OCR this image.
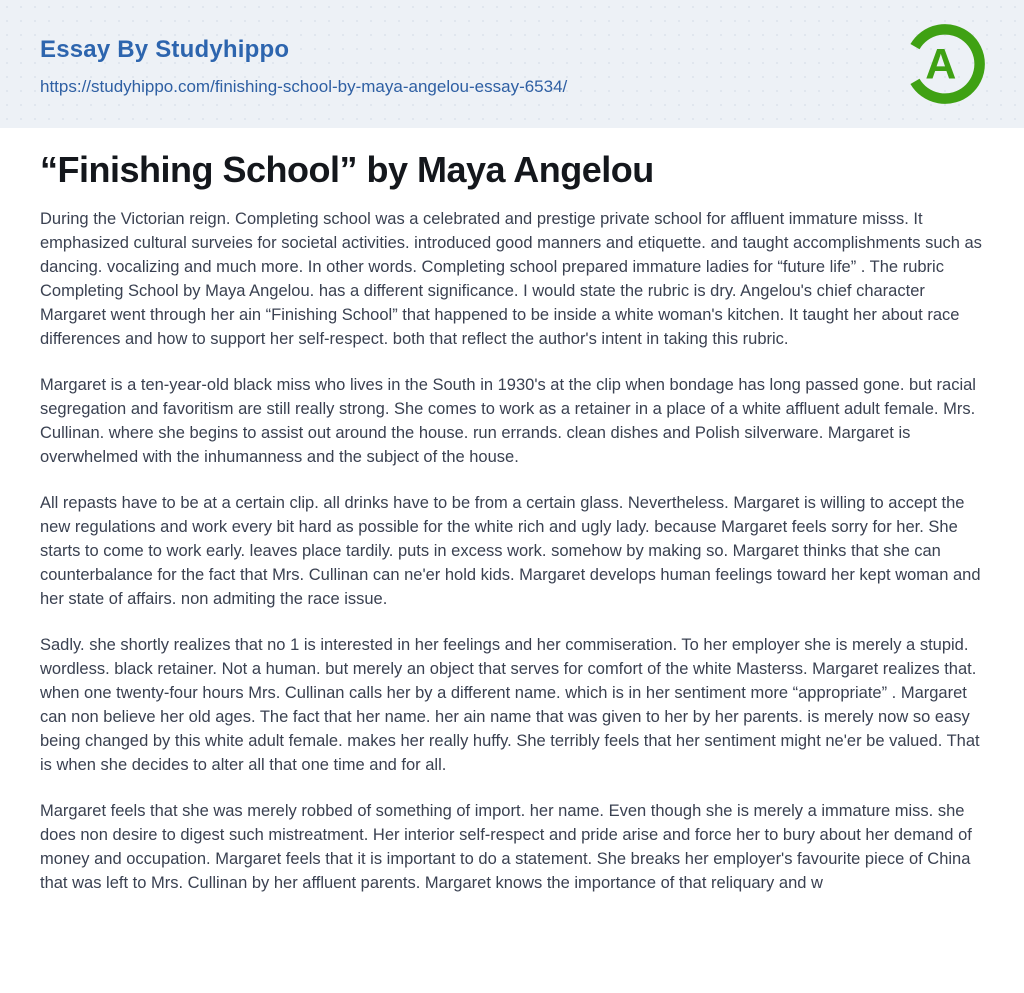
Essay By Studyhippo
https://studyhippo.com/finishing-school-by-maya-angelou-essay-6534/	A
“Finishing School” by Maya Angelou

During the Victorian reign. Completing school was a celebrated and prestige private school for affluent immature misss. It emphasized cultural surveies for societal activities. introduced good manners and etiquette. and taught accomplishments such as dancing. vocalizing and much more. In other words. Completing school prepared immature ladies for “future life” . The rubric Completing School by Maya Angelou. has a different significance. I would state the rubric is dry. Angelou's chief character Margaret went through her ain “Finishing School” that happened to be inside a white woman's kitchen. It taught her about race differences and how to support her self-respect. both that reflect the author's intent in taking this rubric.

Margaret is a ten-year-old black miss who lives in the South in 1930's at the clip when bondage has long passed gone. but racial segregation and favoritism are still really strong. She comes to work as a retainer in a place of a white affluent adult female. Mrs. Cullinan. where she begins to assist out around the house. run errands. clean dishes and Polish silverware. Margaret is overwhelmed with the inhumanness and the subject of the house.

All repasts have to be at a certain clip. all drinks have to be from a certain glass. Nevertheless. Margaret is willing to accept the new regulations and work every bit hard as possible for the white rich and ugly lady. because Margaret feels sorry for her. She starts to come to work early. leaves place tardily. puts in excess work. somehow by making so. Margaret thinks that she can counterbalance for the fact that Mrs. Cullinan can ne'er hold kids. Margaret develops human feelings toward her kept woman and her state of affairs. non admiting the race issue.

Sadly. she shortly realizes that no 1 is interested in her feelings and her commiseration. To her employer she is merely a stupid. wordless. black retainer. Not a human. but merely an object that serves for comfort of the white Masterss. Margaret realizes that. when one twenty-four hours Mrs. Cullinan calls her by a different name. which is in her sentiment more “appropriate” . Margaret can non believe her old ages. The fact that her name. her ain name that was given to her by her parents. is merely now so easy being changed by this white adult female. makes her really huffy. She terribly feels that her sentiment might ne'er be valued. That is when she decides to alter all that one time and for all.

Margaret feels that she was merely robbed of something of import. her name. Even though she is merely a immature miss. she does non desire to digest such mistreatment. Her interior self-respect and pride arise and force her to bury about her demand of money and occupation. Margaret feels that it is important to do a statement. She breaks her employer's favourite piece of China that was left to Mrs. Cullinan by her affluent parents. Margaret knows the importance of that reliquary and w
